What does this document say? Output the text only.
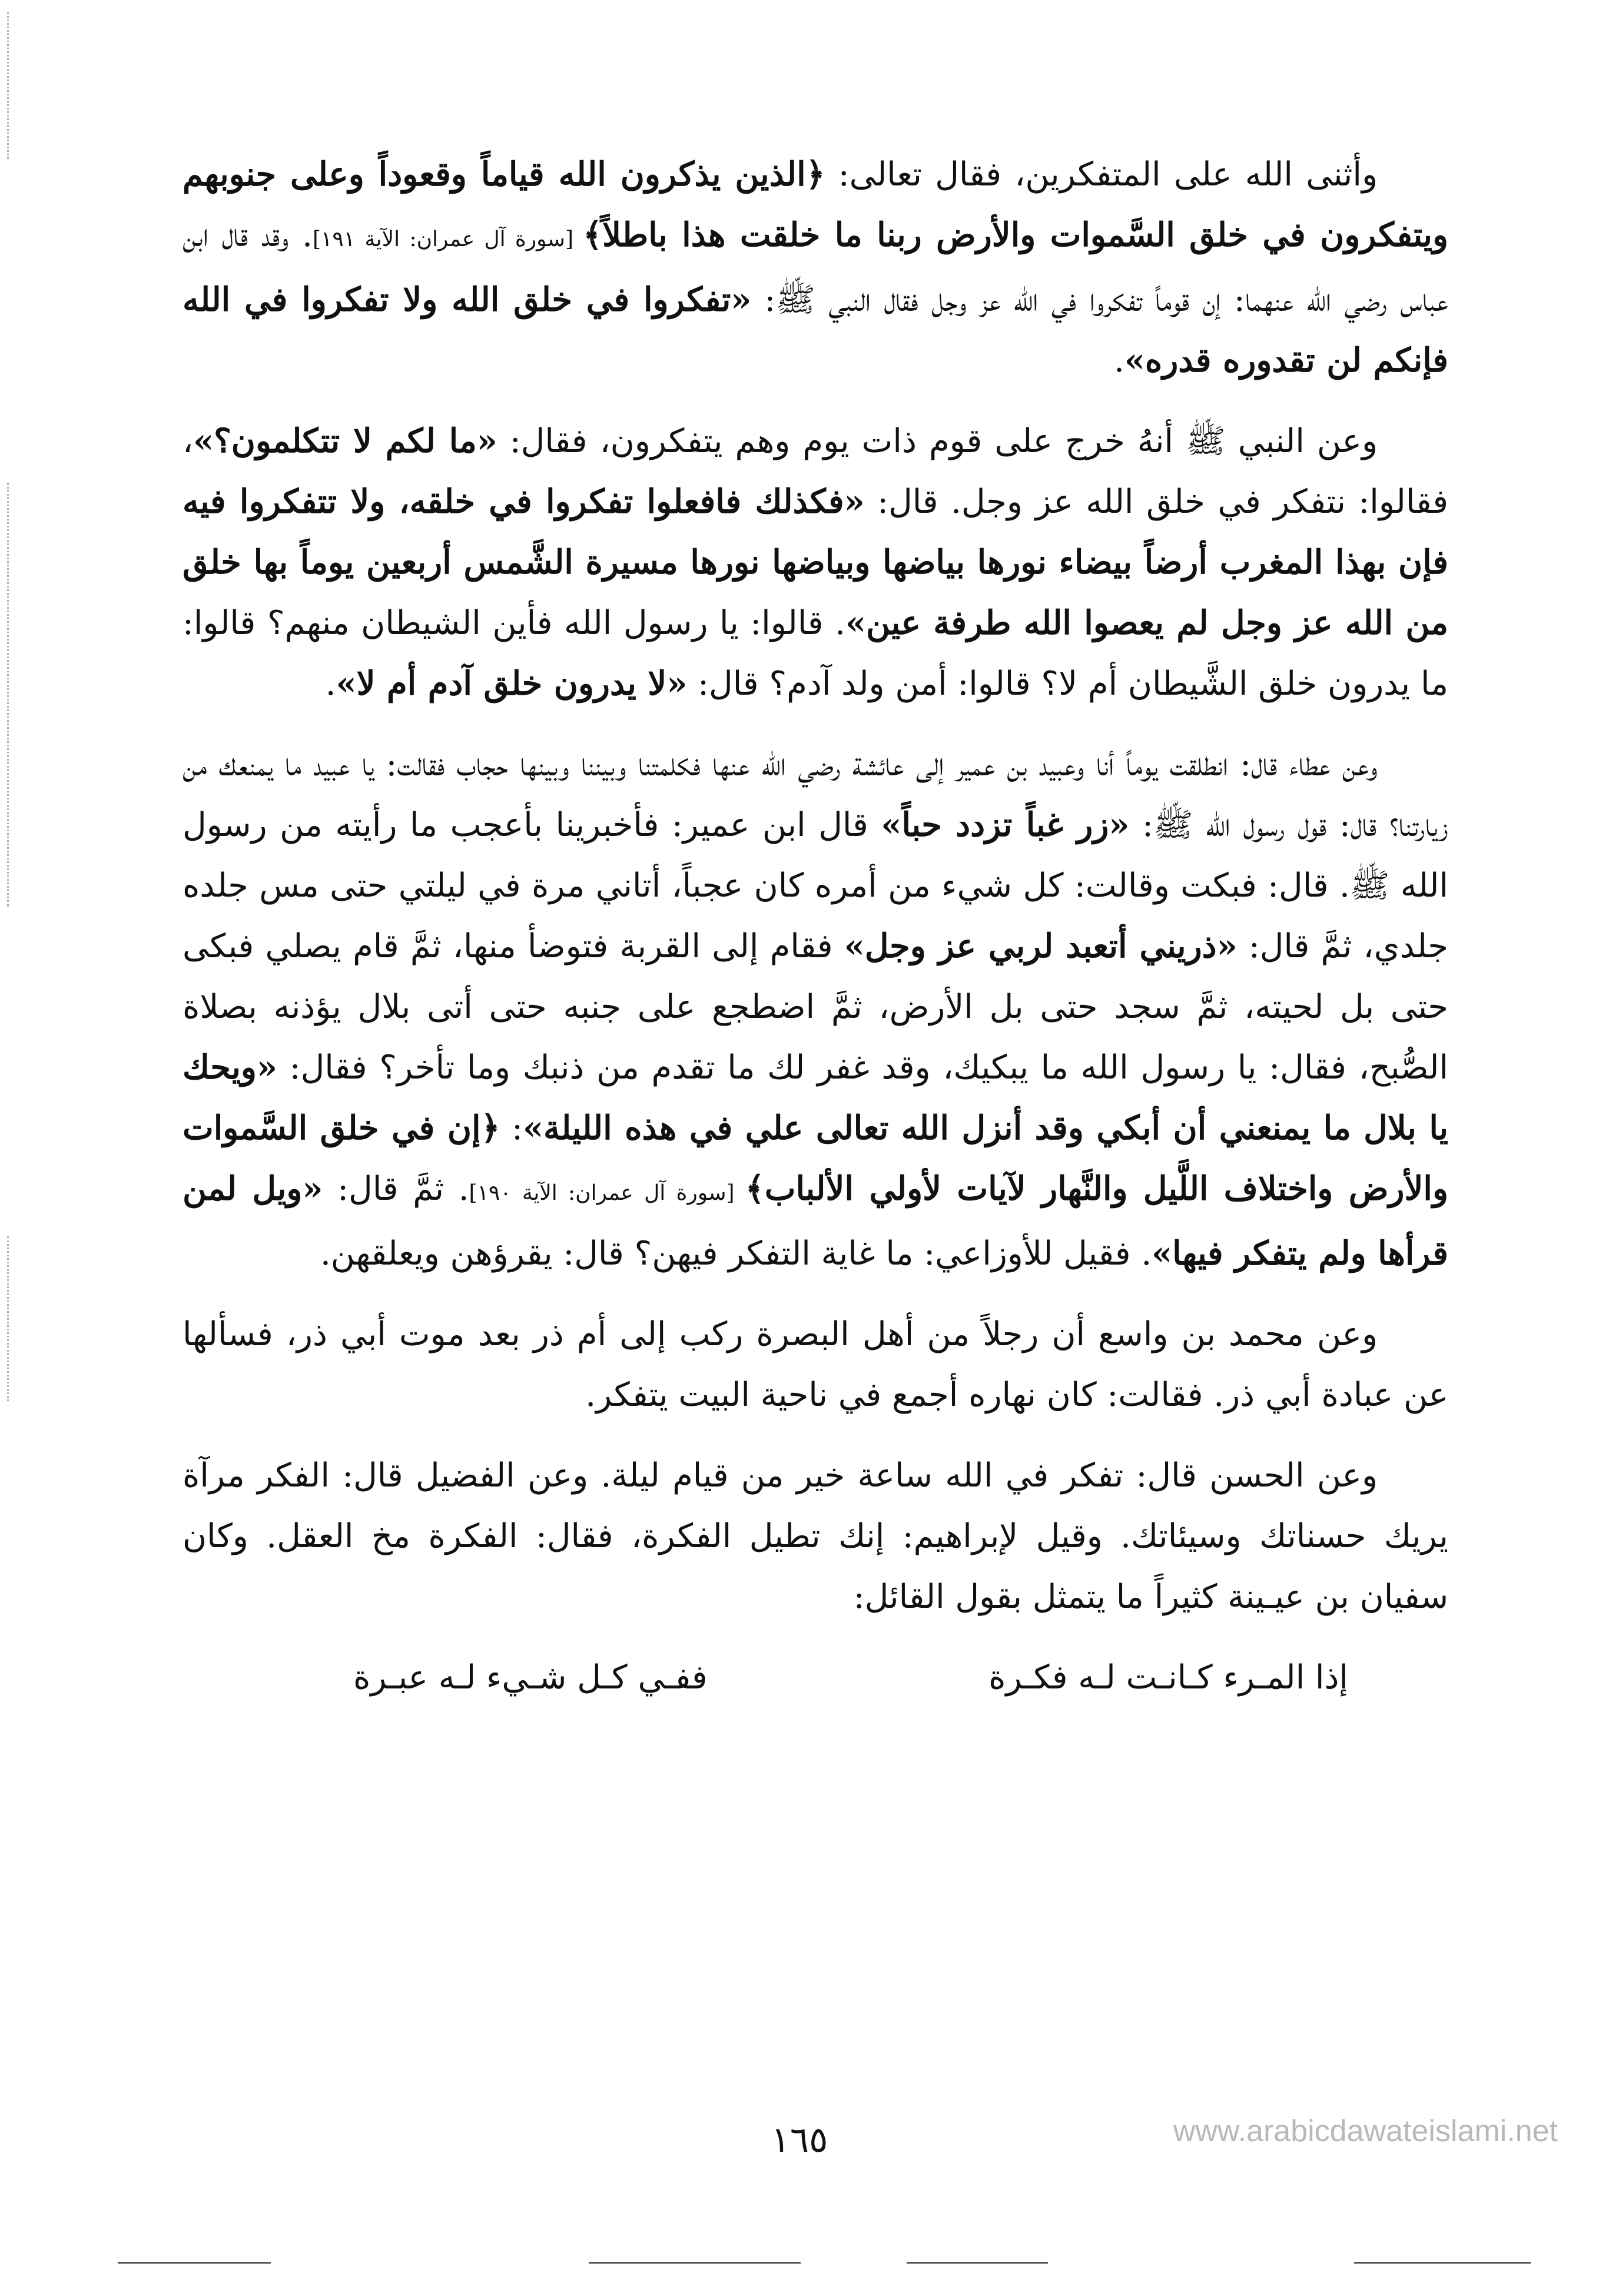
وأثنى الله على المتفكرين، فقال تعالى: ﴿الذين يذكرون الله قياماً وقعوداً وعلى جنوبهم ويتفكرون في خلق السَّموات والأرض ربنا ما خلقت هذا باطلاً﴾ [سورة آل عمران: الآية ١٩١]. وقد قال ابن عباس رضي الله عنهما: إن قوماً تفكروا في الله عز وجل فقال النبي ﷺ: «تفكروا في خلق الله ولا تفكروا في الله فإنكم لن تقدوره قدره».

وعن النبي ﷺ أنهُ خرج على قوم ذات يوم وهم يتفكرون، فقال: «ما لكم لا تتكلمون؟»، فقالوا: نتفكر في خلق الله عز وجل. قال: «فكذلك فافعلوا تفكروا في خلقه، ولا تتفكروا فيه فإن بهذا المغرب أرضاً بيضاء نورها بياضها وبياضها نورها مسيرة الشَّمس أربعين يوماً بها خلق من الله عز وجل لم يعصوا الله طرفة عين». قالوا: يا رسول الله فأين الشيطان منهم؟ قالوا: ما يدرون خلق الشَّيطان أم لا؟ قالوا: أمن ولد آدم؟ قال: «لا يدرون خلق آدم أم لا».

وعن عطاء قال: انطلقت يوماً أنا وعبيد بن عمير إلى عائشة رضي الله عنها فكلمتنا وبيننا وبينها حجاب فقالت: يا عبيد ما يمنعك من زيارتنا؟ قال: قول رسول الله ﷺ: «زر غباً تزدد حباً» قال ابن عمير: فأخبرينا بأعجب ما رأيته من رسول الله ﷺ. قال: فبكت وقالت: كل شيء من أمره كان عجباً، أتاني مرة في ليلتي حتى مس جلده جلدي، ثمَّ قال: «ذريني أتعبد لربي عز وجل» فقام إلى القربة فتوضأ منها، ثمَّ قام يصلي فبكى حتى بل لحيته، ثمَّ سجد حتى بل الأرض، ثمَّ اضطجع على جنبه حتى أتى بلال يؤذنه بصلاة الصُّبح، فقال: يا رسول الله ما يبكيك، وقد غفر لك ما تقدم من ذنبك وما تأخر؟ فقال: «ويحك يا بلال ما يمنعني أن أبكي وقد أنزل الله تعالى علي في هذه الليلة»: ﴿إن في خلق السَّموات والأرض واختلاف اللَّيل والنَّهار لآيات لأولي الألباب﴾ [سورة آل عمران: الآية ١٩٠]. ثمَّ قال: «ويل لمن قرأها ولم يتفكر فيها». فقيل للأوزاعي: ما غاية التفكر فيهن؟ قال: يقرؤهن ويعلقهن.

وعن محمد بن واسع أن رجلاً من أهل البصرة ركب إلى أم ذر بعد موت أبي ذر، فسألها عن عبادة أبي ذر. فقالت: كان نهاره أجمع في ناحية البيت يتفكر.

وعن الحسن قال: تفكر في الله ساعة خير من قيام ليلة. وعن الفضيل قال: الفكر مرآة يريك حسناتك وسيئاتك. وقيل لإبراهيم: إنك تطيل الفكرة، فقال: الفكرة مخ العقل. وكان سفيان بن عيـينة كثيراً ما يتمثل بقول القائل:

إذا المـرء كـانـت لـه فكـرة
ففـي كـل شـيء لـه عبـرة
١٦٥	www.arabicdawateislami.net
